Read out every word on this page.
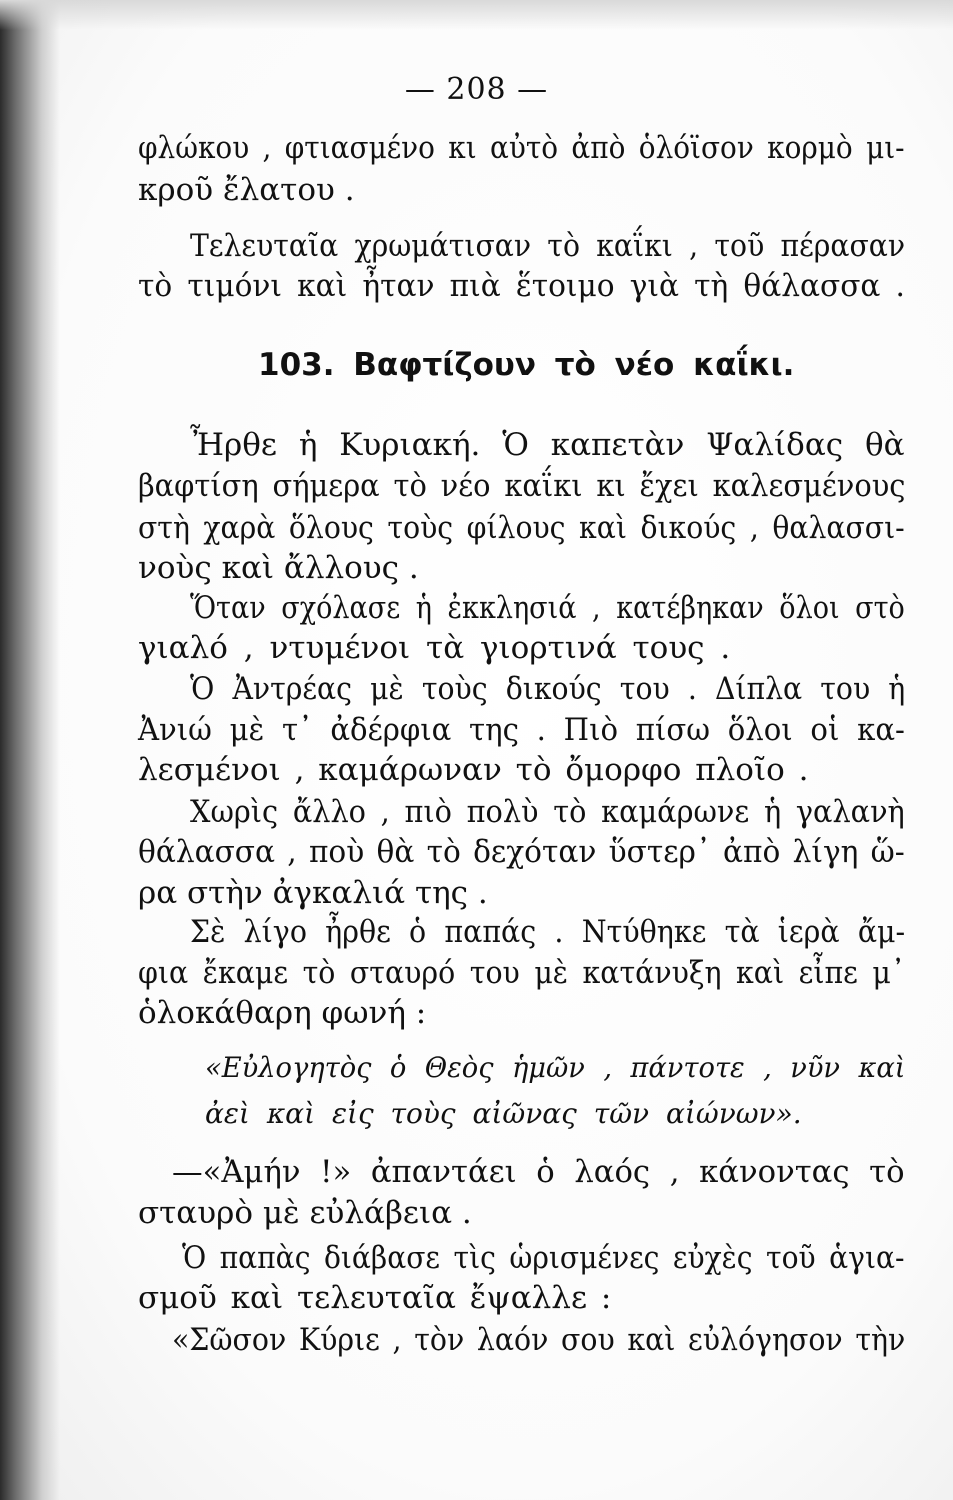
— 208 —
φλώκου , φτιασμένο κι αὐτὸ ἀπὸ ὁλόϊσον κορμὸ μι-
κροῦ ἔλατου .
Τελευταῖα χρωμάτισαν τὸ καΐκι , τοῦ πέρασαν
τὸ τιμόνι καὶ ἦταν πιὰ ἕτοιμο γιὰ τὴ θάλασσα .
103. Βαφτίζουν τὸ νέο καΐκι.
Ἦρθε ἡ Κυριακή. Ὁ καπετὰν Ψαλίδας θὰ
βαφτίση σήμερα τὸ νέο καΐκι κι ἔχει καλεσμένους
στὴ χαρὰ ὅλους τοὺς φίλους καὶ δικούς , θαλασσι-
νοὺς καὶ ἄλλους .
Ὅταν σχόλασε ἡ ἐκκλησιά , κατέβηκαν ὅλοι στὸ
γιαλό , ντυμένοι τὰ γιορτινά τους .
Ὁ Ἀντρέας μὲ τοὺς δικούς του . Δίπλα του ἡ
Ἀνιώ μὲ τ᾽ ἀδέρφια της . Πιὸ πίσω ὅλοι οἱ κα-
λεσμένοι , καμάρωναν τὸ ὄμορφο πλοῖο .
Χωρὶς ἄλλο , πιὸ πολὺ τὸ καμάρωνε ἡ γαλανὴ
θάλασσα , ποὺ θὰ τὸ δεχόταν ὕστερ᾽ ἀπὸ λίγη ὥ-
ρα στὴν ἀγκαλιά της .
Σὲ λίγο ἦρθε ὁ παπάς . Ντύθηκε τὰ ἱερὰ ἄμ-
φια ἔκαμε τὸ σταυρό του μὲ κατάνυξη καὶ εἶπε μ᾽
ὁλοκάθαρη φωνή :
«Εὐλογητὸς ὁ Θεὸς ἡμῶν , πάντοτε , νῦν καὶ
ἀεὶ καὶ εἰς τοὺς αἰῶνας τῶν αἰώνων».
—«Ἀμήν !» ἀπαντάει ὁ λαός , κάνοντας τὸ
σταυρὸ μὲ εὐλάβεια .
Ὁ παπὰς διάβασε τὶς ὡρισμένες εὐχὲς τοῦ ἁγια-
σμοῦ καὶ τελευταῖα ἔψαλλε :
«Σῶσον Κύριε , τὸν λαόν σου καὶ εὐλόγησον τὴν
